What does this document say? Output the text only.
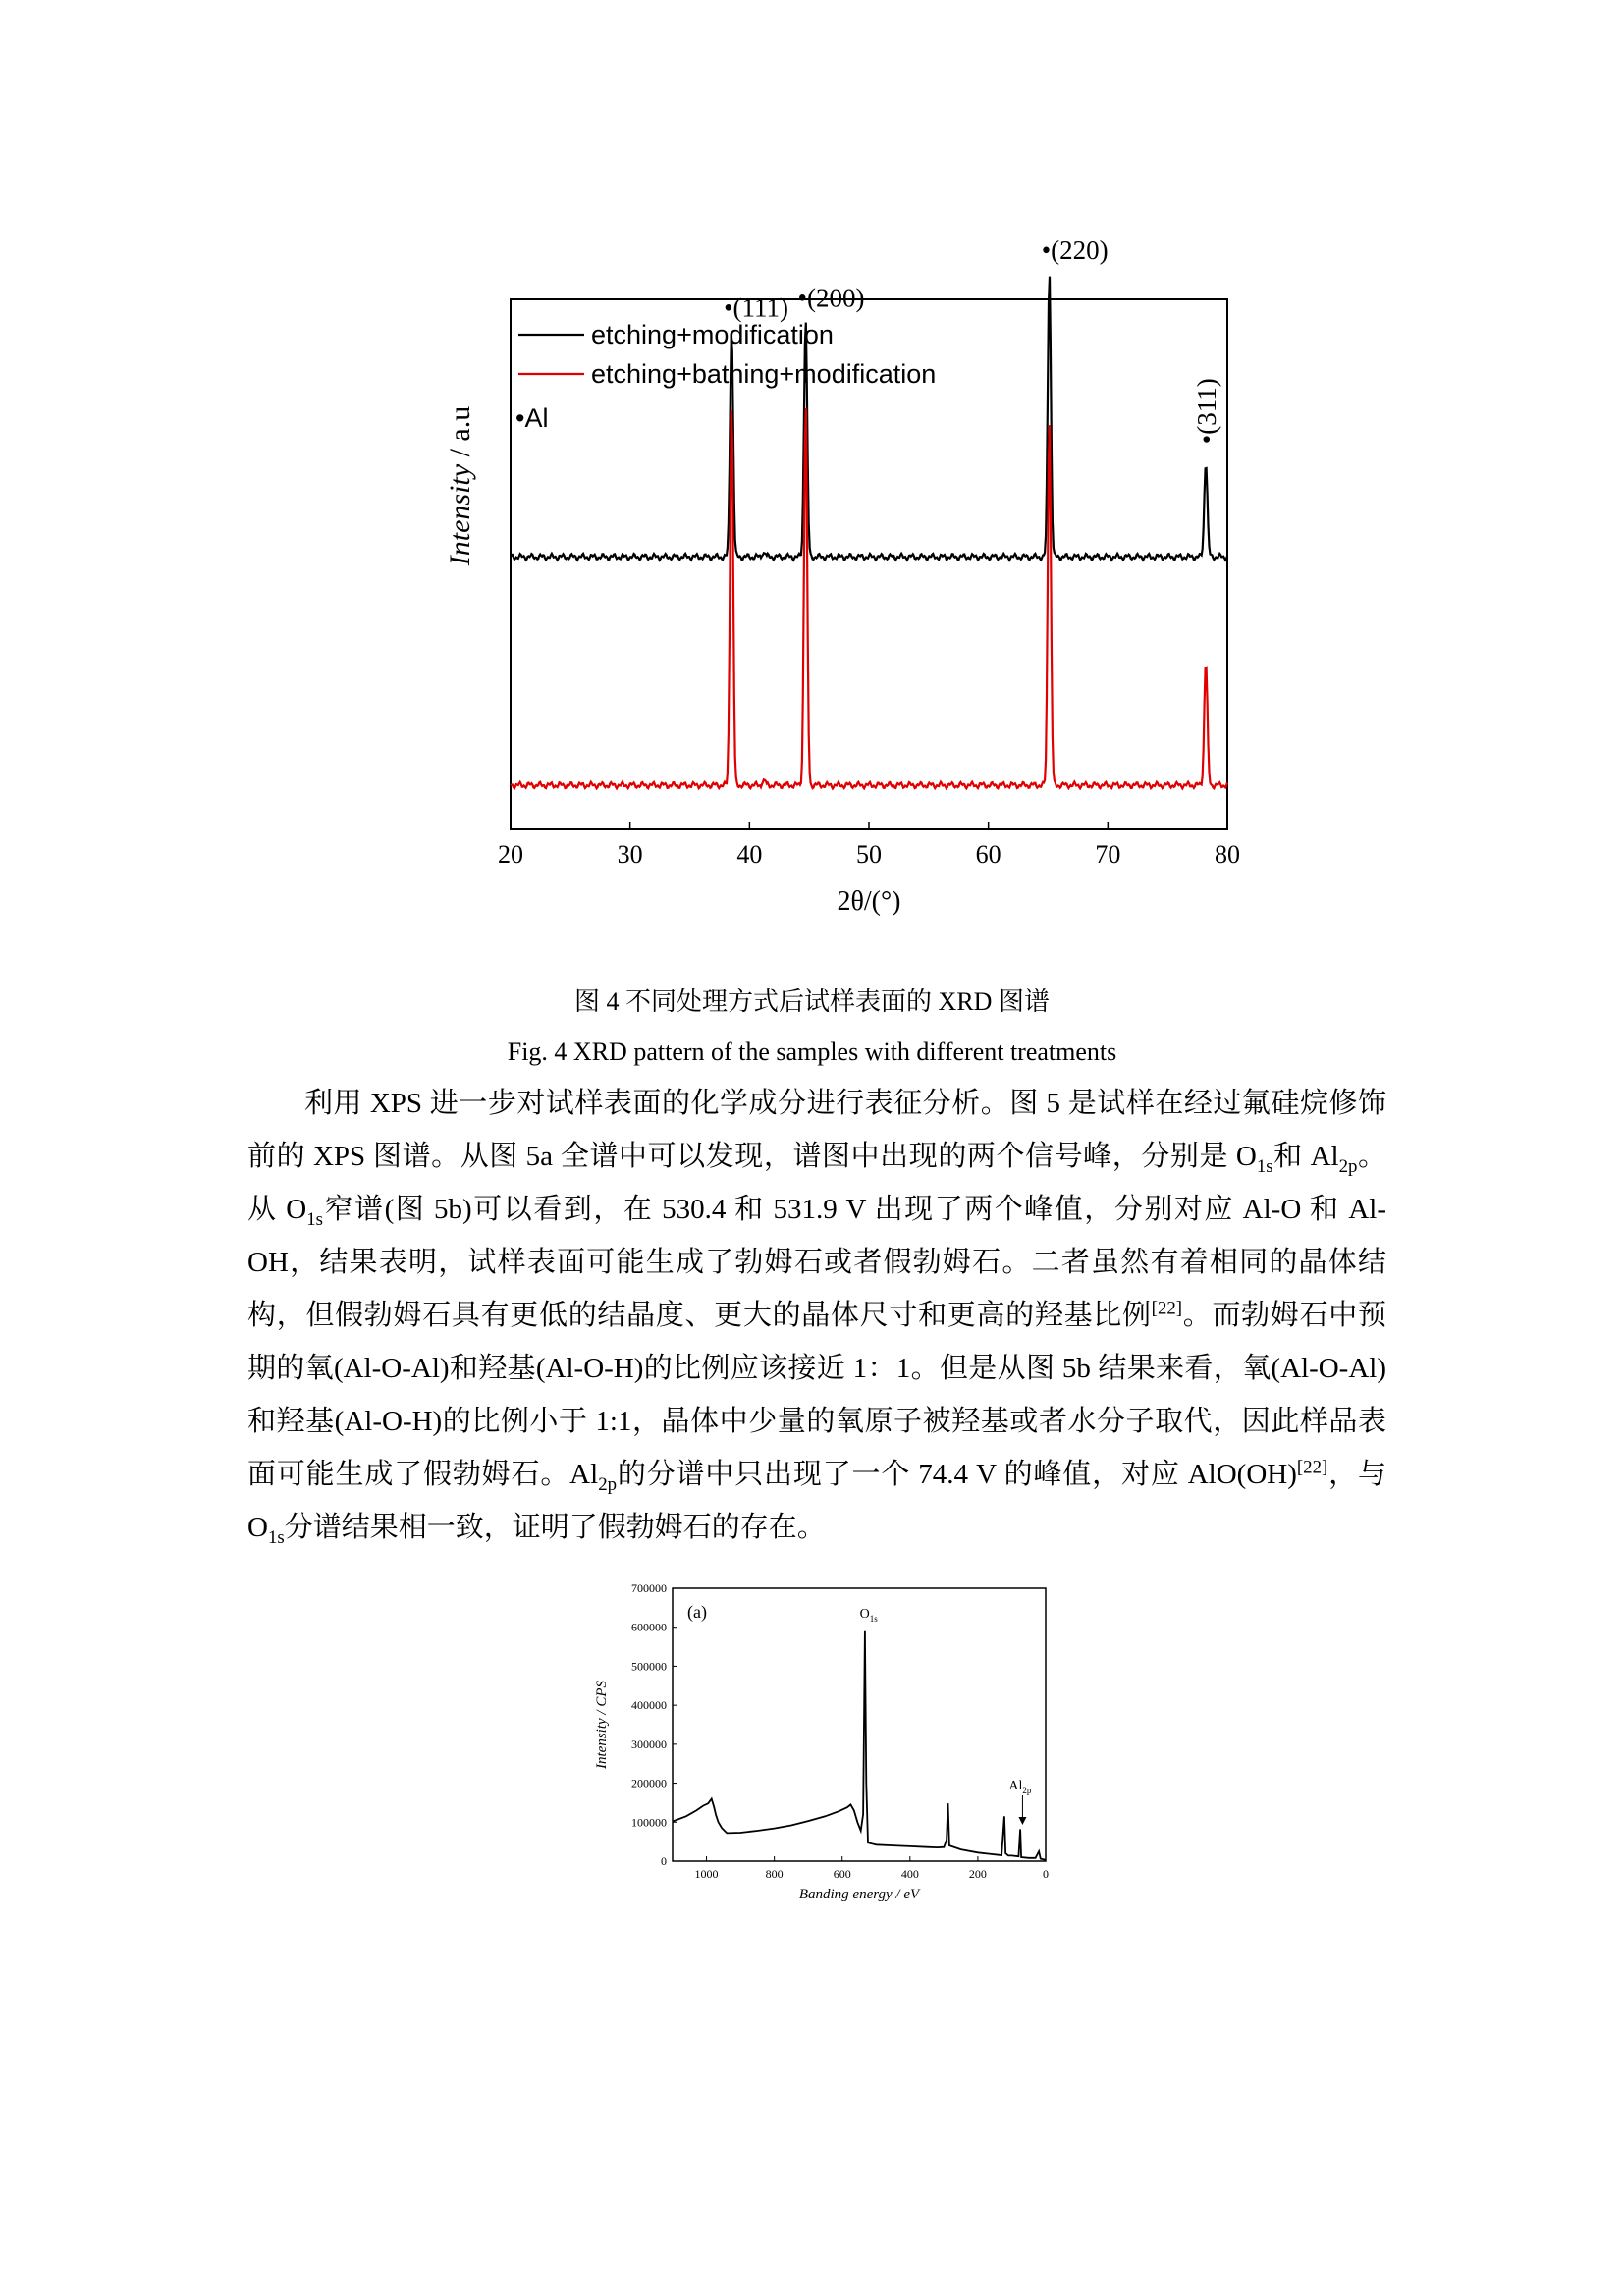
20	30	40	50	60	70	80
2θ/(°)
Intensity / a.u
etching+modification
etching+bathing+modification
•Al
•(111) •(200)
•(220)
•(311)
图 4 不同处理方式后试样表面的 XRD 图谱
Fig. 4 XRD pattern of the samples with different treatments

利用 XPS 进一步对试样表面的化学成分进行表征分析。图 5 是试样在经过氟硅烷修饰前的 XPS 图谱。从图 5a 全谱中可以发现，谱图中出现的两个信号峰，分别是 $O_{1s}$和 $Al_{2p}$。从 $O_{1s}$窄谱(图 5b)可以看到，在 530.4 和 531.9 V 出现了两个峰值，分别对应 Al-O 和 Al-OH，结果表明，试样表面可能生成了勃姆石或者假勃姆石。二者虽然有着相同的晶体结构，但假勃姆石具有更低的结晶度、更大的晶体尺寸和更高的羟基比例[22]。而勃姆石中预期的氧(Al-O-Al)和羟基(Al-O-H)的比例应该接近 1：1。但是从图 5b 结果来看，氧(Al-O-Al)和羟基(Al-O-H)的比例小于 1:1，晶体中少量的氧原子被羟基或者水分子取代，因此样品表面可能生成了假勃姆石。$Al_{2p}$的分谱中只出现了一个 74.4 V 的峰值，对应 AlO(OH)[22]，与 $O_{1s}$分谱结果相一致，证明了假勃姆石的存在。

0
100000
200000
300000
400000
500000
600000
700000
1000	800	600	400	200	0
Banding energy / eV
Intensity / CPS
(a)	$O_{1s}$
$Al_{2p}$
